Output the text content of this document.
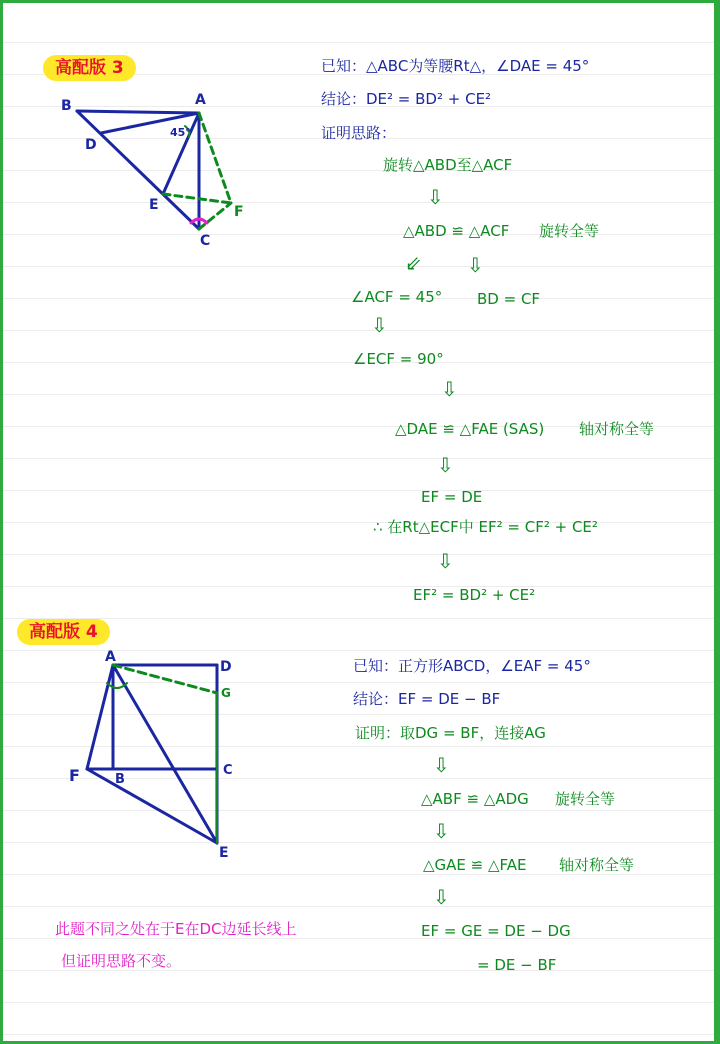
高配版 3
A
B
C
D
E	F
45°
已知：△ABC为等腰Rt△，∠DAE = 45°
结论：DE² = BD² + CE²
证明思路：
旋转△ABD至△ACF
⇩
△ABD ≌ △ACF 旋转全等
⇙ ⇩
∠ACF = 45° BD = CF
⇩
∠ECF = 90°
⇩
△DAE ≌ △FAE (SAS) 轴对称全等
⇩
EF = DE
∴ 在Rt△ECF中 EF² = CF² + CE²
⇩
EF² = BD² + CE²
高配版 4
A
B
C
D
E
F
G
已知：正方形ABCD，∠EAF = 45°
结论：EF = DE − BF
证明：取DG = BF，连接AG
⇩
△ABF ≌ △ADG 旋转全等
⇩
△GAE ≌ △FAE 轴对称全等
⇩
EF = GE = DE − DG
= DE − BF
此题不同之处在于E在DC边延长线上
但证明思路不变。
